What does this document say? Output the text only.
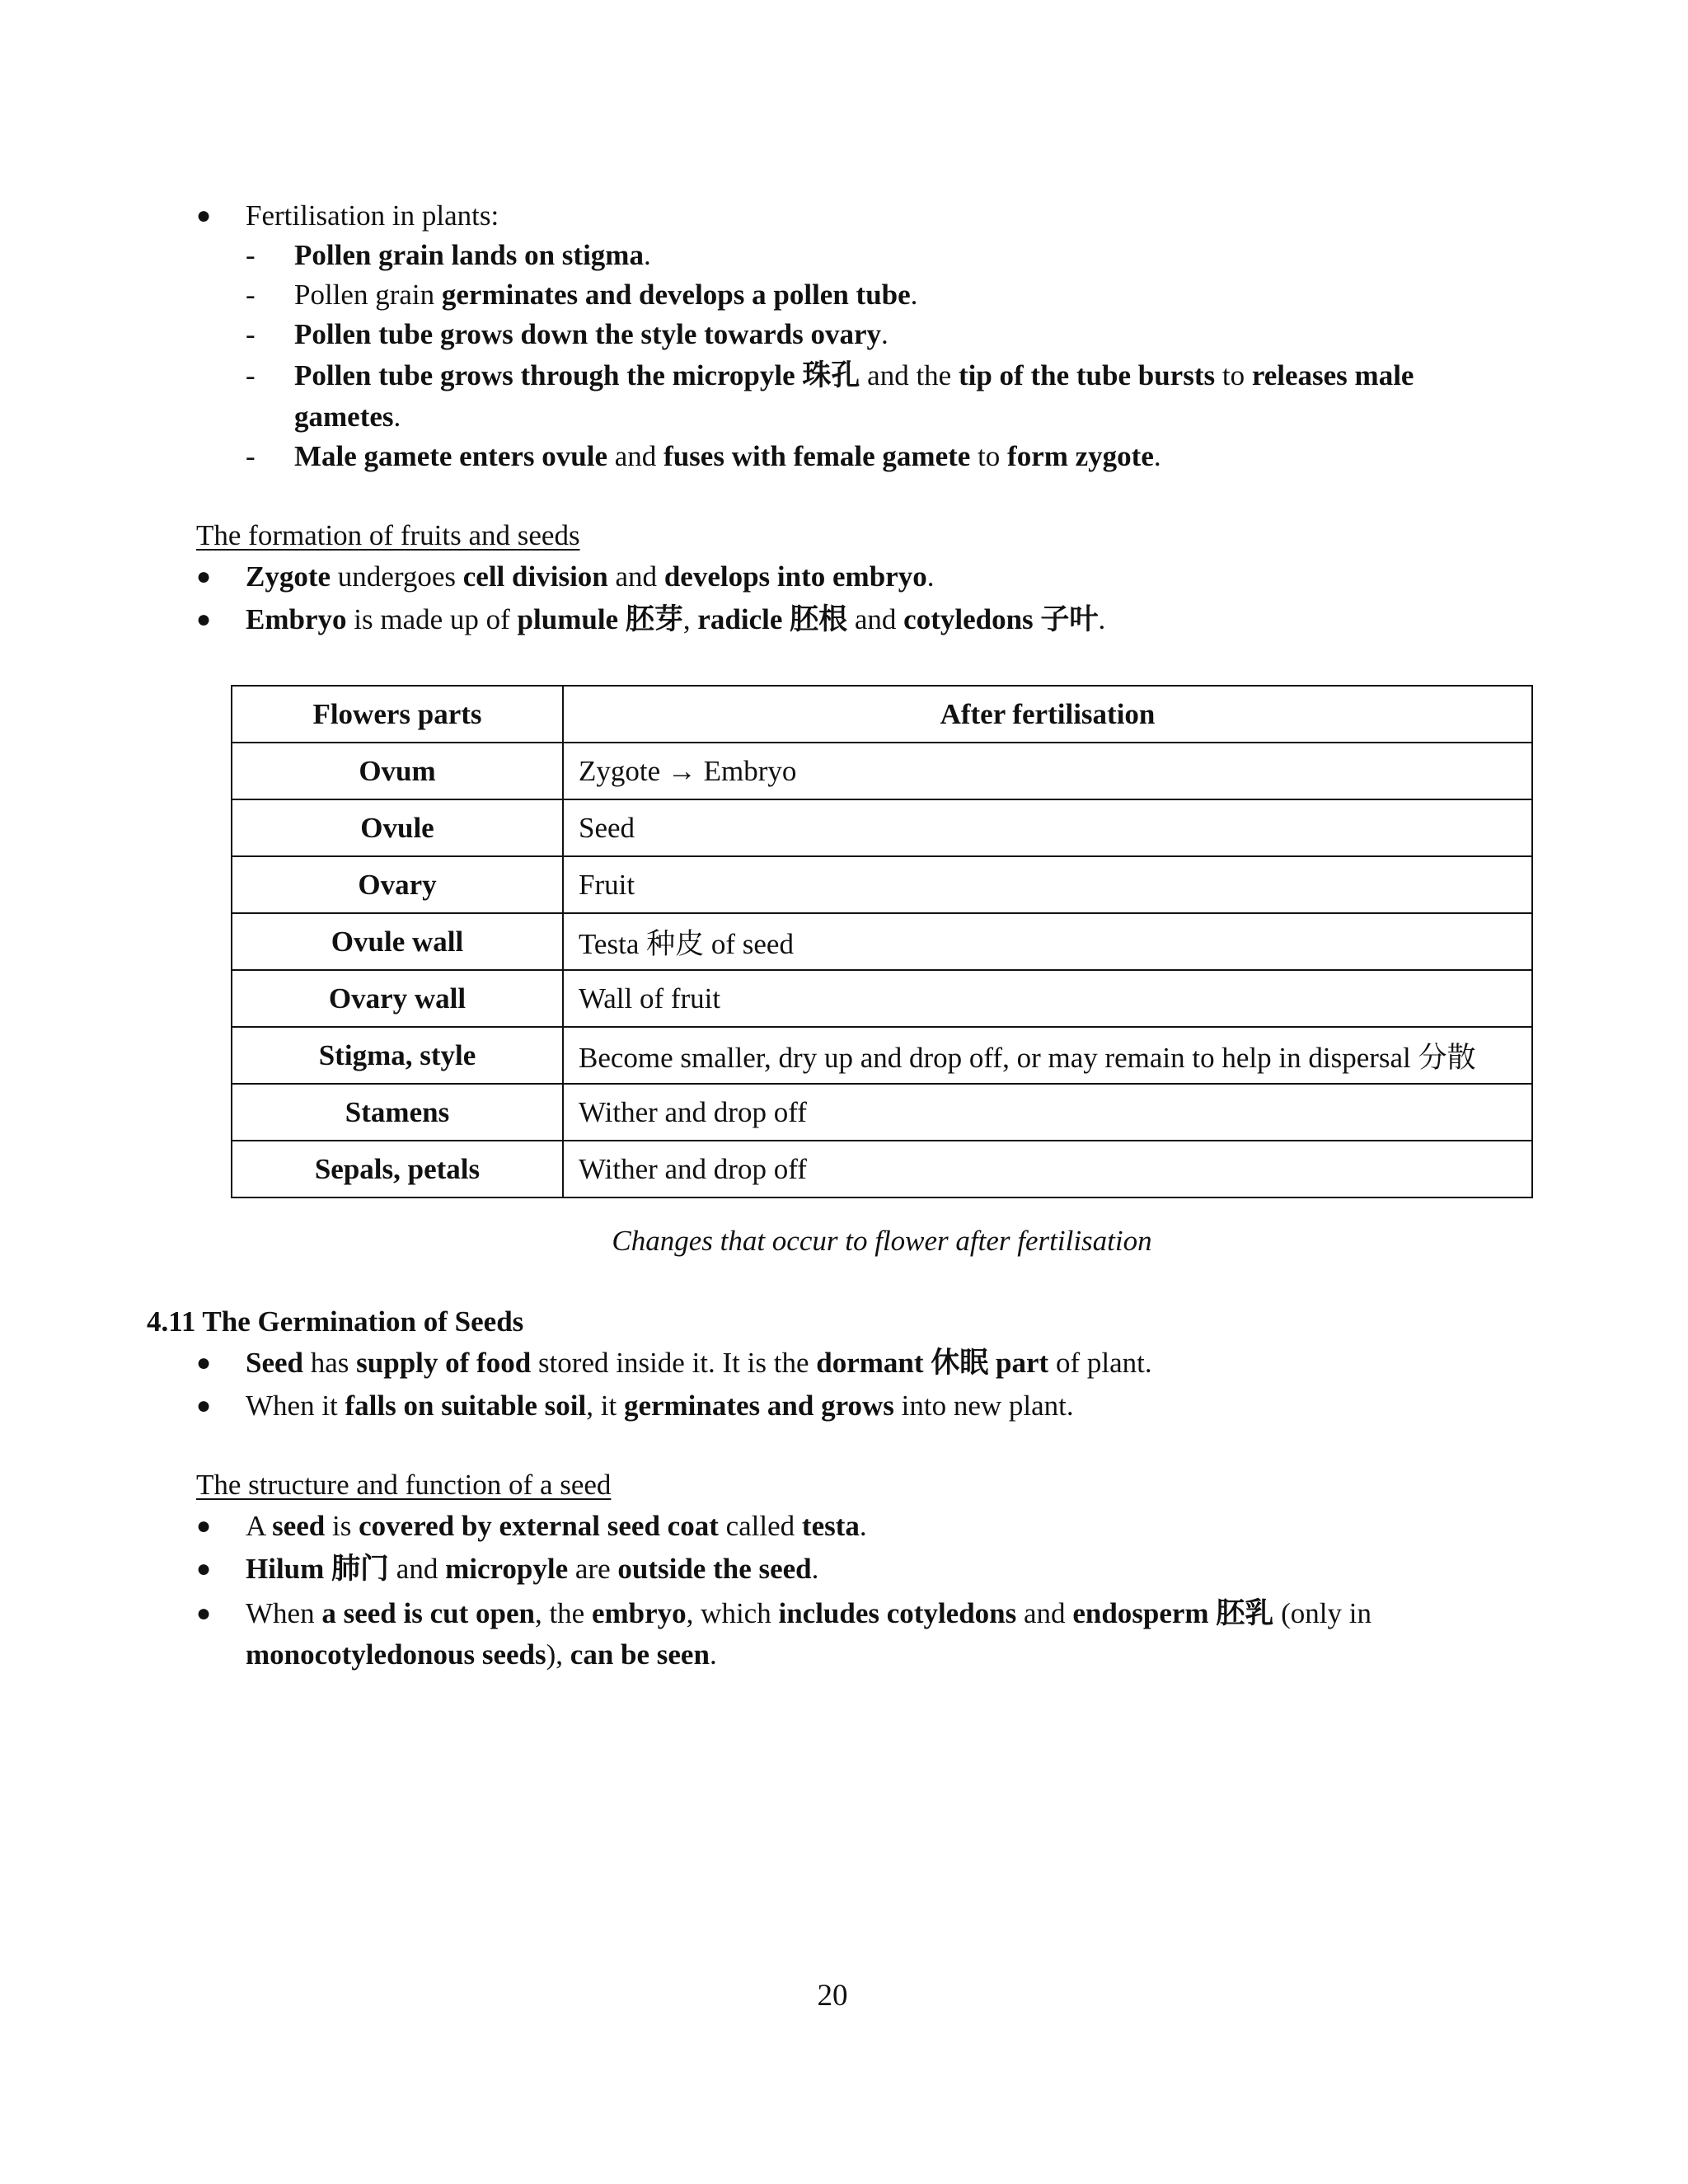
● Fertilisation in plants:
- Pollen grain lands on stigma.
- Pollen grain germinates and develops a pollen tube.
- Pollen tube grows down the style towards ovary.
- Pollen tube grows through the micropyle 珠孔 and the tip of the tube bursts to releases male
gametes.
- Male gamete enters ovule and fuses with female gamete to form zygote.
The formation of fruits and seeds
● Zygote undergoes cell division and develops into embryo.
● Embryo is made up of plumule 胚芽, radicle 胚根 and cotyledons 子叶.
Flowers parts	After fertilisation
Ovum	Zygote → Embryo
Ovule	Seed
Ovary	Fruit
Ovule wall	Testa 种皮 of seed
Ovary wall	Wall of fruit
Stigma, style	Become smaller, dry up and drop off, or may remain to help in dispersal 分散
Stamens	Wither and drop off
Sepals, petals	Wither and drop off
Changes that occur to flower after fertilisation
4.11 The Germination of Seeds
● Seed has supply of food stored inside it. It is the dormant 休眠 part of plant.
● When it falls on suitable soil, it germinates and grows into new plant.
The structure and function of a seed
● A seed is covered by external seed coat called testa.
● Hilum 肺门 and micropyle are outside the seed.
● When a seed is cut open, the embryo, which includes cotyledons and endosperm 胚乳 (only in
monocotyledonous seeds), can be seen.
20
